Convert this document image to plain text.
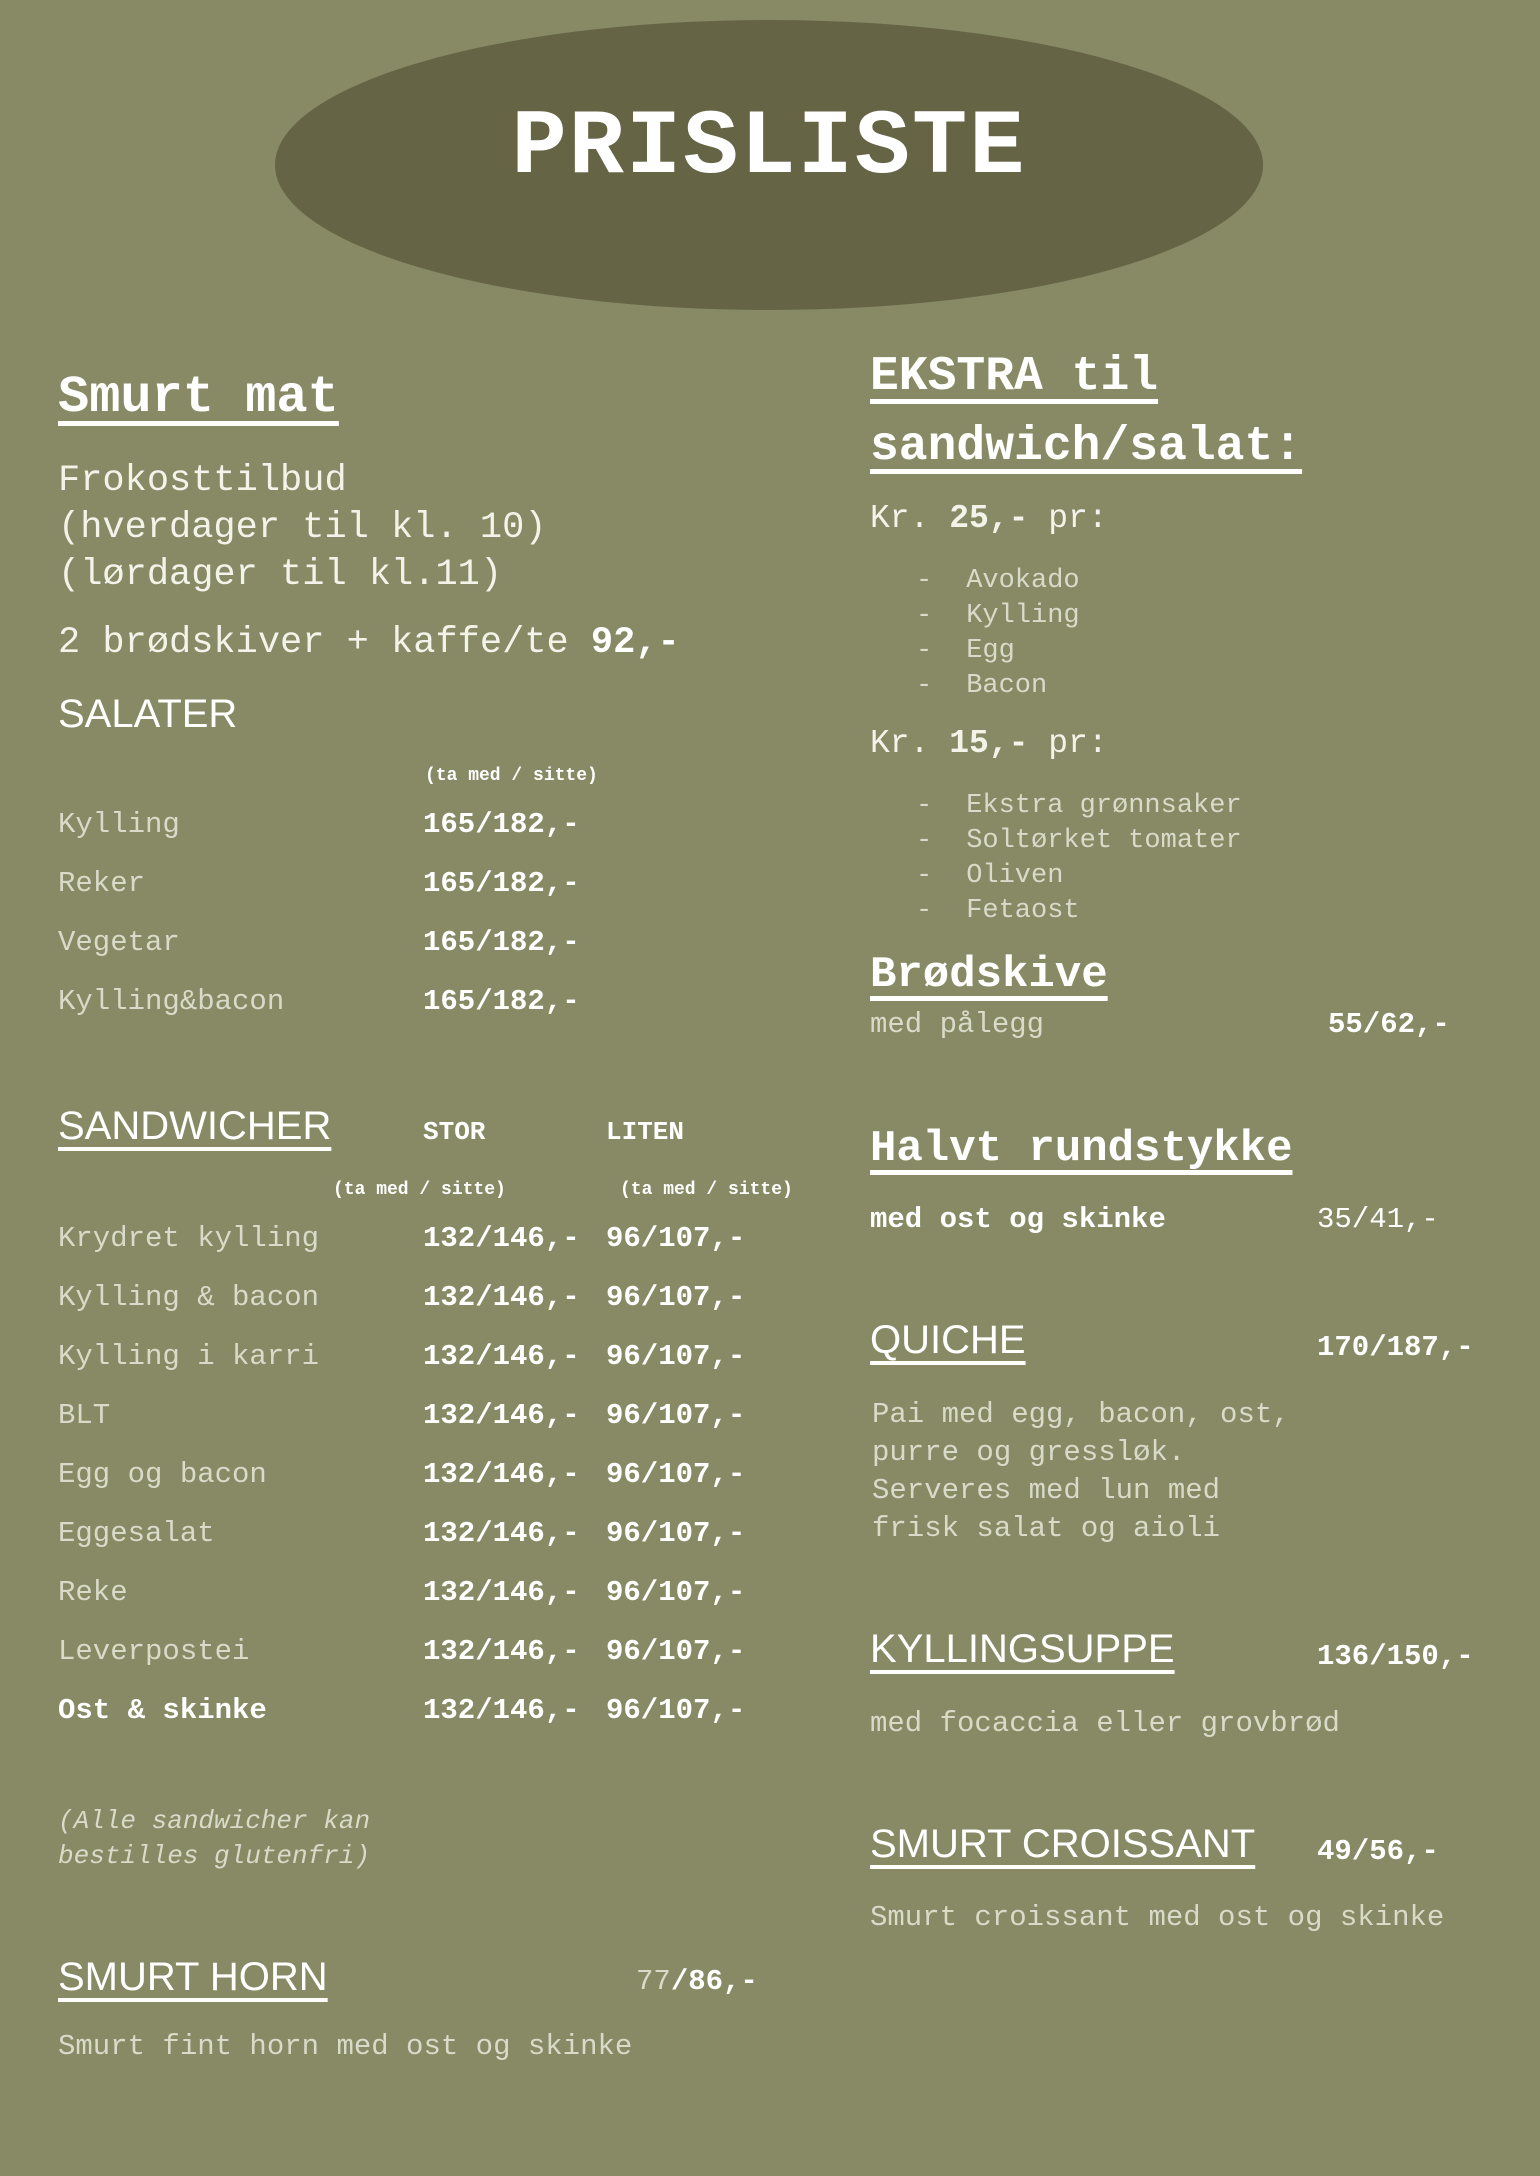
PRISLISTE
Smurt mat
Frokosttilbud
(hverdager til kl. 10)
(lørdager til kl.11)
2 brødskiver + kaffe/te 92,-
SALATER
(ta med / sitte)
Kylling	165/182,-
Reker	165/182,-
Vegetar	165/182,-
Kylling&bacon	165/182,-
SANDWICHER	STOR	LITEN
(ta med / sitte)	(ta med / sitte)
Krydret kylling	132/146,- 96/107,-
Kylling & bacon	132/146,- 96/107,-
Kylling i karri	132/146,- 96/107,-
BLT	132/146,- 96/107,-
Egg og bacon	132/146,- 96/107,-
Eggesalat	132/146,- 96/107,-
Reke	132/146,- 96/107,-
Leverpostei	132/146,- 96/107,-
Ost & skinke	132/146,- 96/107,-
(Alle sandwicher kan bestilles glutenfri)
SMURT HORN	77/86,-
Smurt fint horn med ost og skinke
EKSTRA til
sandwich/salat:
Kr. 25,- pr:
- Avokado
- Kylling
- Egg
- Bacon
Kr. 15,- pr:
- Ekstra grønnsaker
- Soltørket tomater
- Oliven
- Fetaost
Brødskive
med pålegg	55/62,-
Halvt rundstykke
med ost og skinke	35/41,-
QUICHE	170/187,-
Pai med egg, bacon, ost,
purre og gressløk.
Serveres med lun med
frisk salat og aioli
KYLLINGSUPPE	136/150,-
med focaccia eller grovbrød
SMURT CROISSANT 49/56,-
Smurt croissant med ost og skinke
